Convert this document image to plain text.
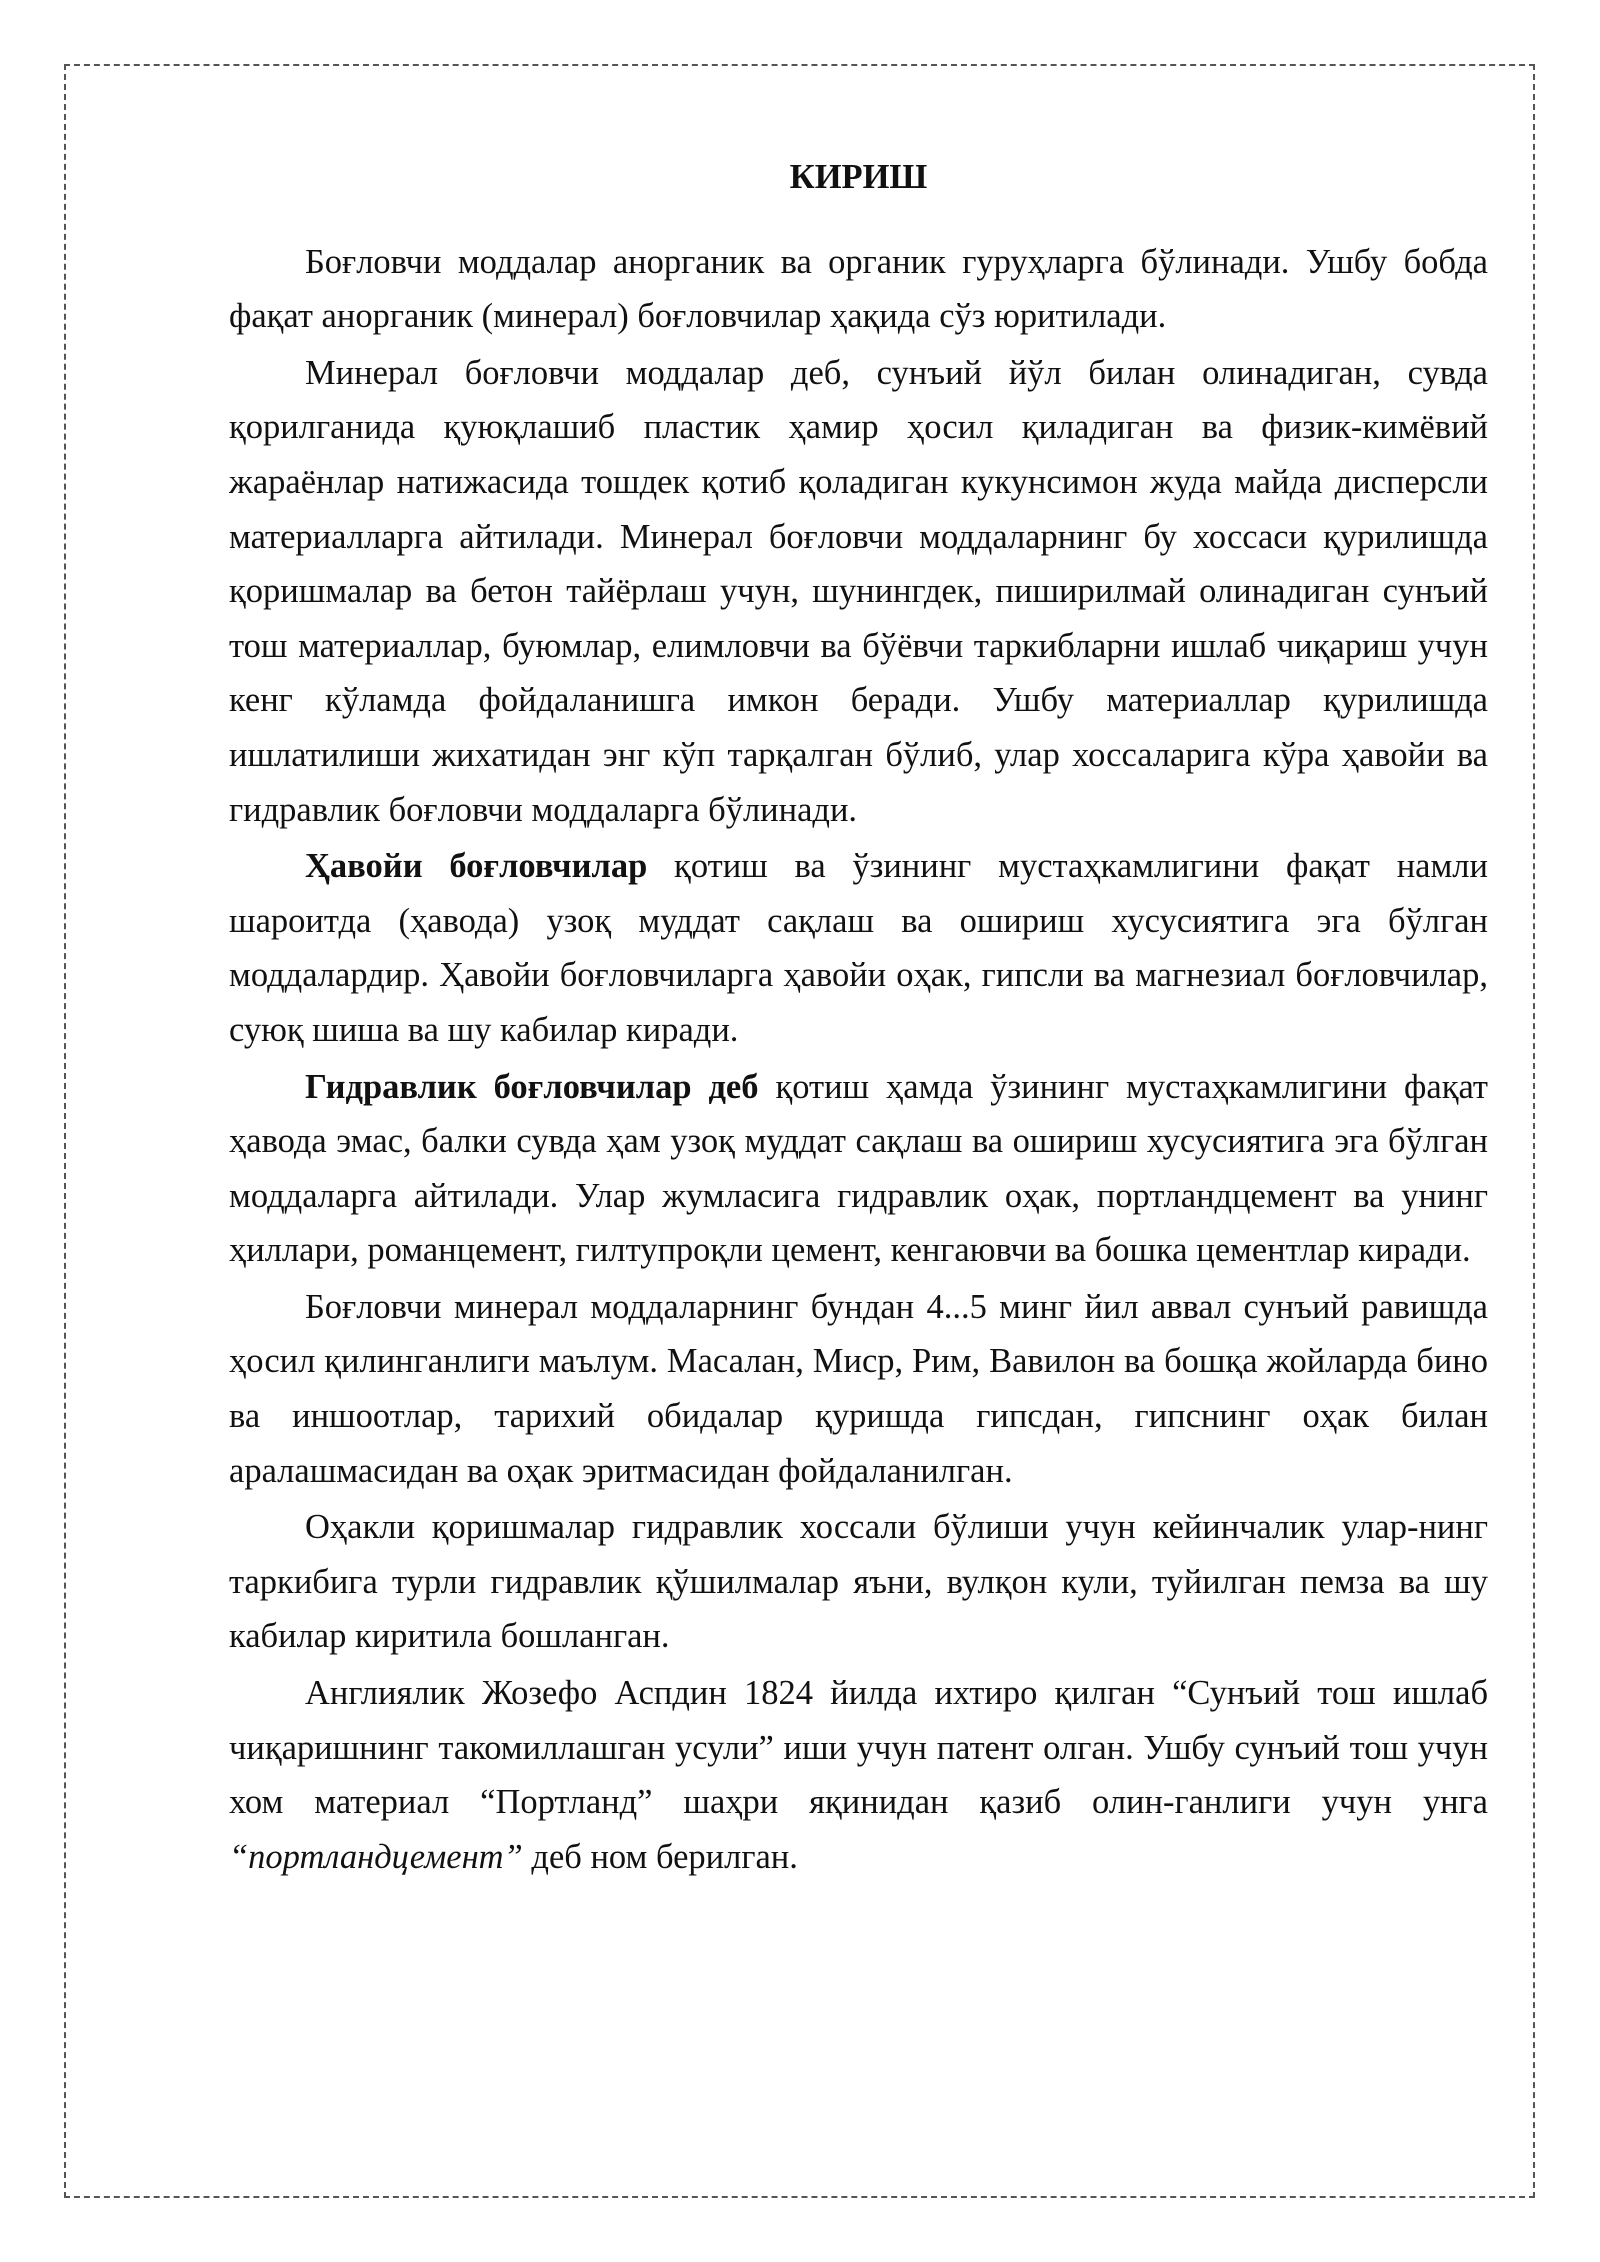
КИРИШ

Боғловчи моддалар анорганик ва органик гуруҳларга бўлинади. Ушбу бобда фақат анорганик (минерал) боғловчилар ҳақида сўз юритилади.

Минерал боғловчи моддалар деб, сунъий йўл билан олинадиган, сувда қорилганида қуюқлашиб пластик ҳамир ҳосил қиладиган ва физик-кимёвий жараёнлар натижасида тошдек қотиб қоладиган кукунсимон жуда майда дисперсли материалларга айтилади. Минерал боғловчи моддаларнинг бу хоссаси қурилишда қоришмалар ва бетон тайёрлаш учун, шунингдек, пиширилмай олинадиган сунъий тош материаллар, буюмлар, елимловчи ва бўёвчи таркибларни ишлаб чиқариш учун кенг кўламда фойдаланишга имкон беради. Ушбу материаллар қурилишда ишлатилиши жихатидан энг кўп тарқалган бўлиб, улар хоссаларига кўра ҳавойи ва гидравлик боғловчи моддаларга бўлинади.

Ҳавойи боғловчилар қотиш ва ўзининг мустаҳкамлигини фақат намли шароитда (ҳавода) узоқ муддат сақлаш ва ошириш хусусиятига эга бўлган моддалардир. Ҳавойи боғловчиларга ҳавойи оҳак, гипсли ва магнезиал боғловчилар, суюқ шиша ва шу кабилар киради.

Гидравлик боғловчилар деб қотиш ҳамда ўзининг мустаҳкамлигини фақат ҳавода эмас, балки сувда ҳам узоқ муддат сақлаш ва ошириш хусусиятига эга бўлган моддаларга айтилади. Улар жумласига гидравлик оҳак, портландцемент ва унинг ҳиллари, романцемент, гилтупроқли цемент, кенгаювчи ва бошка цементлар киради.

Боғловчи минерал моддаларнинг бундан 4...5 минг йил аввал сунъий равишда ҳосил қилинганлиги маълум. Масалан, Миср, Рим, Вавилон ва бошқа жойларда бино ва иншоотлар, тарихий обидалар қуришда гипсдан, гипснинг оҳак билан аралашмасидан ва оҳак эритмасидан фойдаланилган.

Оҳакли қоришмалар гидравлик хоссали бўлиши учун кейинчалик улар-нинг таркибига турли гидравлик қўшилмалар яъни, вулқон кули, туйилган пемза ва шу кабилар киритила бошланган.

Англиялик Жозефо Аспдин 1824 йилда ихтиро қилган “Сунъий тош ишлаб чиқаришнинг такомиллашган усули” иши учун патент олган. Ушбу сунъий тош учун хом материал “Портланд” шаҳри яқинидан қазиб олин-ганлиги учун унга “портландцемент” деб ном берилган.
